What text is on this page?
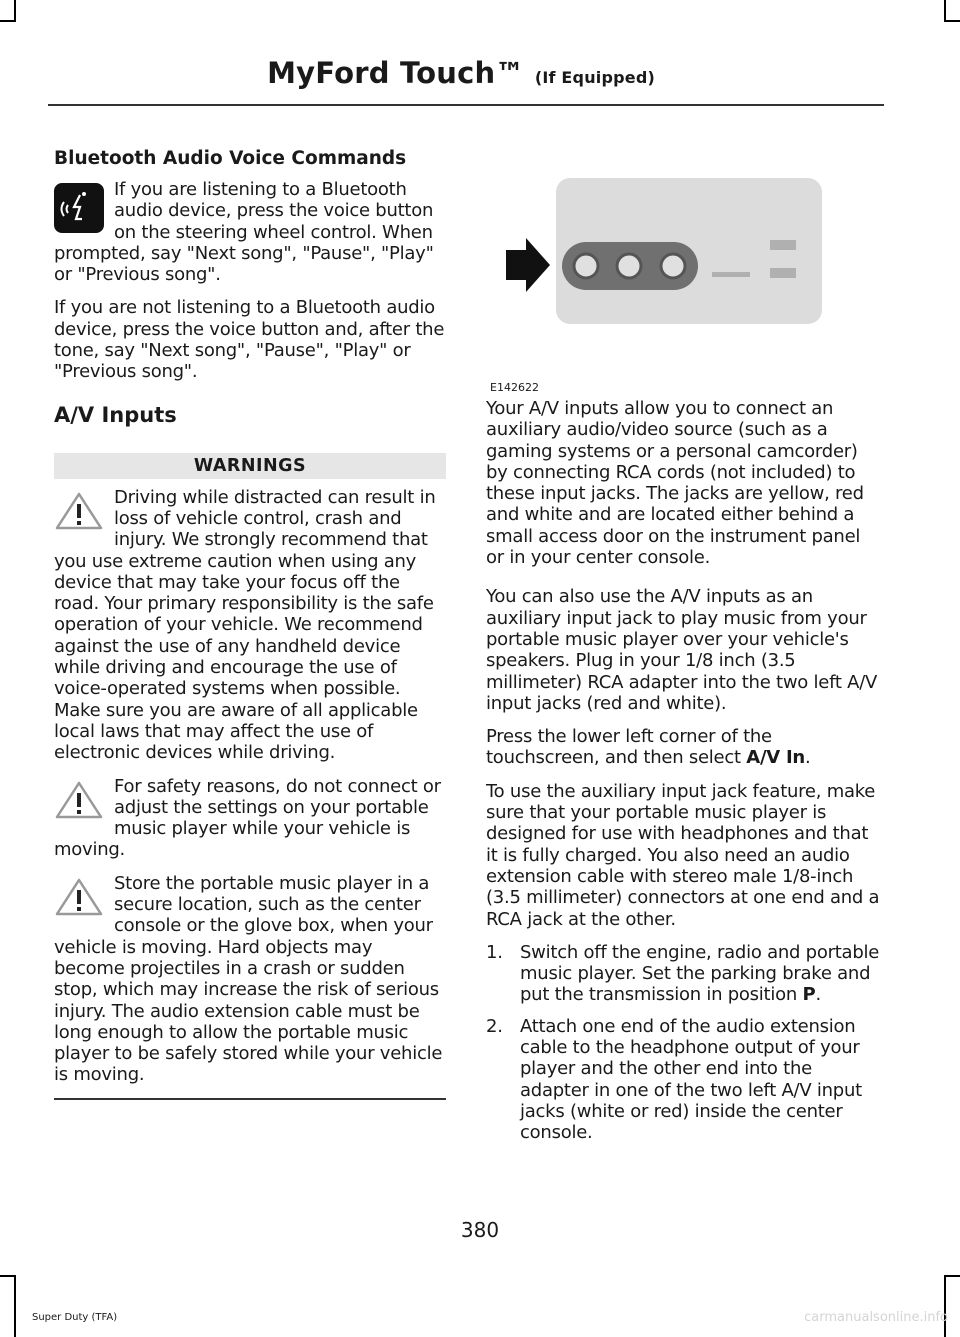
MyFord Touch™ (If Equipped)
Bluetooth Audio Voice Commands

If you are listening to a Bluetooth audio device, press the voice button on the steering wheel control. When prompted, say "Next song", "Pause", "Play" or "Previous song".

If you are not listening to a Bluetooth audio device, press the voice button and, after the tone, say "Next song", "Pause", "Play" or "Previous song".

A/V Inputs
WARNINGS

Driving while distracted can result in loss of vehicle control, crash and injury. We strongly recommend that you use extreme caution when using any device that may take your focus off the road. Your primary responsibility is the safe operation of your vehicle. We recommend against the use of any handheld device while driving and encourage the use of voice-operated systems when possible. Make sure you are aware of all applicable local laws that may affect the use of electronic devices while driving.

For safety reasons, do not connect or adjust the settings on your portable music player while your vehicle is moving.

Store the portable music player in a secure location, such as the center console or the glove box, when your vehicle is moving. Hard objects may become projectiles in a crash or sudden stop, which may increase the risk of serious injury. The audio extension cable must be long enough to allow the portable music player to be safely stored while your vehicle is moving.

E142622

Your A/V inputs allow you to connect an auxiliary audio/video source (such as a gaming systems or a personal camcorder) by connecting RCA cords (not included) to these input jacks. The jacks are yellow, red and white and are located either behind a small access door on the instrument panel or in your center console.

You can also use the A/V inputs as an auxiliary input jack to play music from your portable music player over your vehicle's speakers. Plug in your 1/8 inch (3.5 millimeter) RCA adapter into the two left A/V input jacks (red and white).

Press the lower left corner of the touchscreen, and then select A/V In.

To use the auxiliary input jack feature, make sure that your portable music player is designed for use with headphones and that it is fully charged. You also need an audio extension cable with stereo male 1/8-inch (3.5 millimeter) connectors at one end and a RCA jack at the other.

1. Switch off the engine, radio and portable music player. Set the parking brake and put the transmission in position P.
2. Attach one end of the audio extension cable to the headphone output of your player and the other end into the adapter in one of the two left A/V input jacks (white or red) inside the center console.
380
Super Duty (TFA)	carmanualsonline.info
